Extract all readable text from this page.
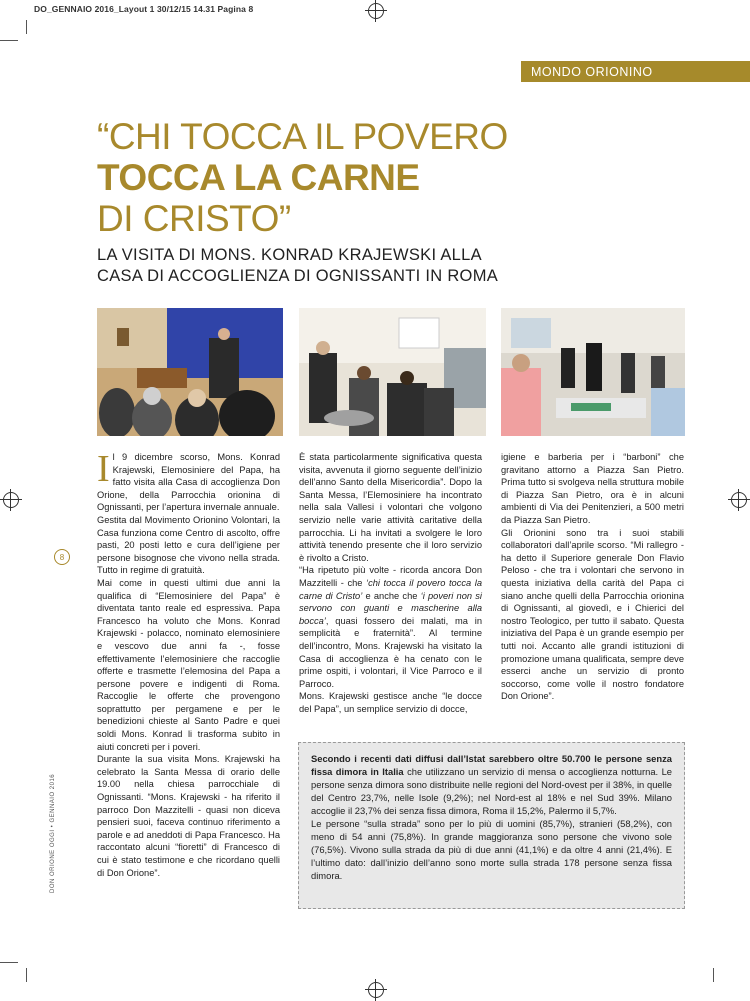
DO_GENNAIO 2016_Layout 1 30/12/15 14.31 Pagina 8
MONDO ORIONINO
“CHI TOCCA IL POVERO
TOCCA LA CARNE
DI CRISTO”
LA VISITA DI MONS. KONRAD KRAJEWSKI ALLA
CASA DI ACCOGLIENZA DI OGNISSANTI IN ROMA
8
DON ORIONE OGGI • GENNAIO 2016

Il 9 dicembre scorso, Mons. Konrad Krajewski, Elemosiniere del Papa, ha fatto visita alla Casa di accoglienza Don Orione, della Parrocchia orionina di Ognissanti, per l’apertura invernale annuale.

Gestita dal Movimento Orionino Volontari, la Casa funziona come Centro di ascolto, offre pasti, 20 posti letto e cura dell’igiene per persone bisognose che vivono nella strada. Tutto in regime di gratuità.

Mai come in questi ultimi due anni la qualifica di “Elemosiniere del Papa” è diventata tanto reale ed espressiva. Papa Francesco ha voluto che Mons. Konrad Krajewski - polacco, nominato elemosiniere e vescovo due anni fa -, fosse effettivamente l’elemosiniere che raccoglie offerte e trasmette l’elemosina del Papa a persone povere e indigenti di Roma. Raccoglie le offerte che provengono soprattutto per pergamene e per le benedizioni chieste al Santo Padre e quei soldi Mons. Konrad li trasforma subito in aiuti concreti per i poveri.

Durante la sua visita Mons. Krajewski ha celebrato la Santa Messa di orario delle 19.00 nella chiesa parrocchiale di Ognissanti. “Mons. Krajewski - ha riferito il parroco Don Mazzitelli - quasi non diceva pensieri suoi, faceva continuo riferimento a parole e ad aneddoti di Papa Francesco. Ha raccontato alcuni “fioretti” di Francesco di cui è stato testimone e che ricordano quelli di Don Orione”.

È stata particolarmente significativa questa visita, avvenuta il giorno seguente dell’inizio dell’anno Santo della Misericordia”. Dopo la Santa Messa, l’Elemosiniere ha incontrato nella sala Vallesi i volontari che volgono servizio nelle varie attività caritative della parrocchia. Li ha invitati a svolgere le loro attività tenendo presente che il loro servizio è rivolto a Cristo.

“Ha ripetuto più volte - ricorda ancora Don Mazzitelli - che ‘chi tocca il povero tocca la carne di Cristo’ e anche che ‘i poveri non si servono con guanti e mascherine alla bocca’, quasi fossero dei malati, ma in semplicità e fraternità”. Al termine dell’incontro, Mons. Krajewski ha visitato la Casa di accoglienza è ha cenato con le prime ospiti, i volontari, il Vice Parroco e il Parroco.

Mons. Krajewski gestisce anche “le docce del Papa”, un semplice servizio di docce,

igiene e barberia per i “barboni” che gravitano attorno a Piazza San Pietro. Prima tutto si svolgeva nella struttura mobile di Piazza San Pietro, ora è in alcuni ambienti di Via dei Penitenzieri, a 500 metri da Piazza San Pietro.

Gli Orionini sono tra i suoi stabili collaboratori dall’aprile scorso. “Mi rallegro - ha detto il Superiore generale Don Flavio Peloso - che tra i volontari che servono in questa iniziativa della carità del Papa ci siano anche quelli della Parrocchia orionina di Ognissanti, al giovedì, e i Chierici del nostro Teologico, per tutto il sabato. Questa iniziativa del Papa è un grande esempio per tutti noi. Accanto alle grandi istituzioni di promozione umana qualificata, sempre deve esserci anche un servizio di pronto soccorso, come volle il nostro fondatore Don Orione”.

Secondo i recenti dati diffusi dall’Istat sarebbero oltre 50.700 le persone senza fissa dimora in Italia che utilizzano un servizio di mensa o accoglienza notturna. Le persone senza dimora sono distribuite nelle regioni del Nord-ovest per il 38%, in quelle del Centro 23,7%, nelle Isole (9,2%); nel Nord-est al 18% e nel Sud 39%. Milano accoglie il 23,7% dei senza fissa dimora, Roma il 15,2%, Palermo il 5,7%.

Le persone “sulla strada” sono per lo più di uomini (85,7%), stranieri (58,2%), con meno di 54 anni (75,8%). In grande maggioranza sono persone che vivono sole (76,5%). Vivono sulla strada da più di due anni (41,1%) e da oltre 4 anni (21,4%). E l’ultimo dato: dall’inizio dell’anno sono morte sulla strada 178 persone senza fissa dimora.
